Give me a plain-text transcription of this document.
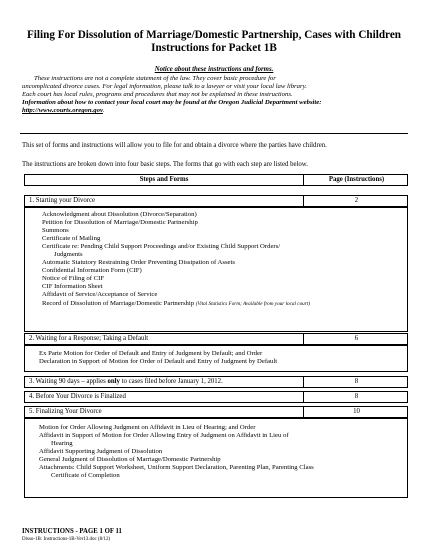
Filing For Dissolution of Marriage/Domestic Partnership, Cases with Children
Instructions for Packet 1B
Notice about these instructions and forms.

These instructions are not a complete statement of the law. They cover basic procedure for

uncomplicated divorce cases. For legal information, please talk to a lawyer or visit your local law library.

Each court has local rules, programs and procedures that may not be explained in these instructions.

Information about how to contact your local court may be found at the Oregon Judicial Department website:

http://www.courts.oregon.gov.

This set of forms and instructions will allow you to file for and obtain a divorce where the parties have children.
The instructions are broken down into four basic steps. The forms that go with each step are listed below.
Steps and Forms	Page (Instructions)
1. Starting your Divorce	2
Acknowledgment about Dissolution (Divorce/Separation)
Petition for Dissolution of Marriage/Domestic Partnership
Summons
Certificate of Mailing
Certificate re: Pending Child Support Proceedings and/or Existing Child Support Orders/
Judgments
Automatic Statutory Restraining Order Preventing Dissipation of Assets
Confidential Information Form (CIF)
Notice of Filing of CIF
CIF Information Sheet
Affidavit of Service/Acceptance of Service
Record of Dissolution of Marriage/Domestic Partnership (Vital Statistics Form; Available from your local court)
2. Waiting for a Response; Taking a Default	6
Ex Parte Motion for Order of Default and Entry of Judgment by Default; and Order
Declaration in Support of Motion for Order of Default and Entry of Judgment by Default
3. Waiting 90 days – applies only to cases filed before January 1, 2012.	8
4. Before Your Divorce is Finalized	8
5. Finalizing Your Divorce	10
Motion for Order Allowing Judgment on Affidavit in Lieu of Hearing; and Order
Affidavit in Support of Motion for Order Allowing Entry of Judgment on Affidavit in Lieu of
Hearing
Affidavit Supporting Judgment of Dissolution
General Judgment of Dissolution of Marriage/Domestic Partnership
Attachments: Child Support Worksheet, Uniform Support Declaration, Parenting Plan, Parenting Class
Certificate of Completion
INSTRUCTIONS - PAGE 1 OF 11
Disso-1B: Instructions-1B-Ver13.doc (8/12)
